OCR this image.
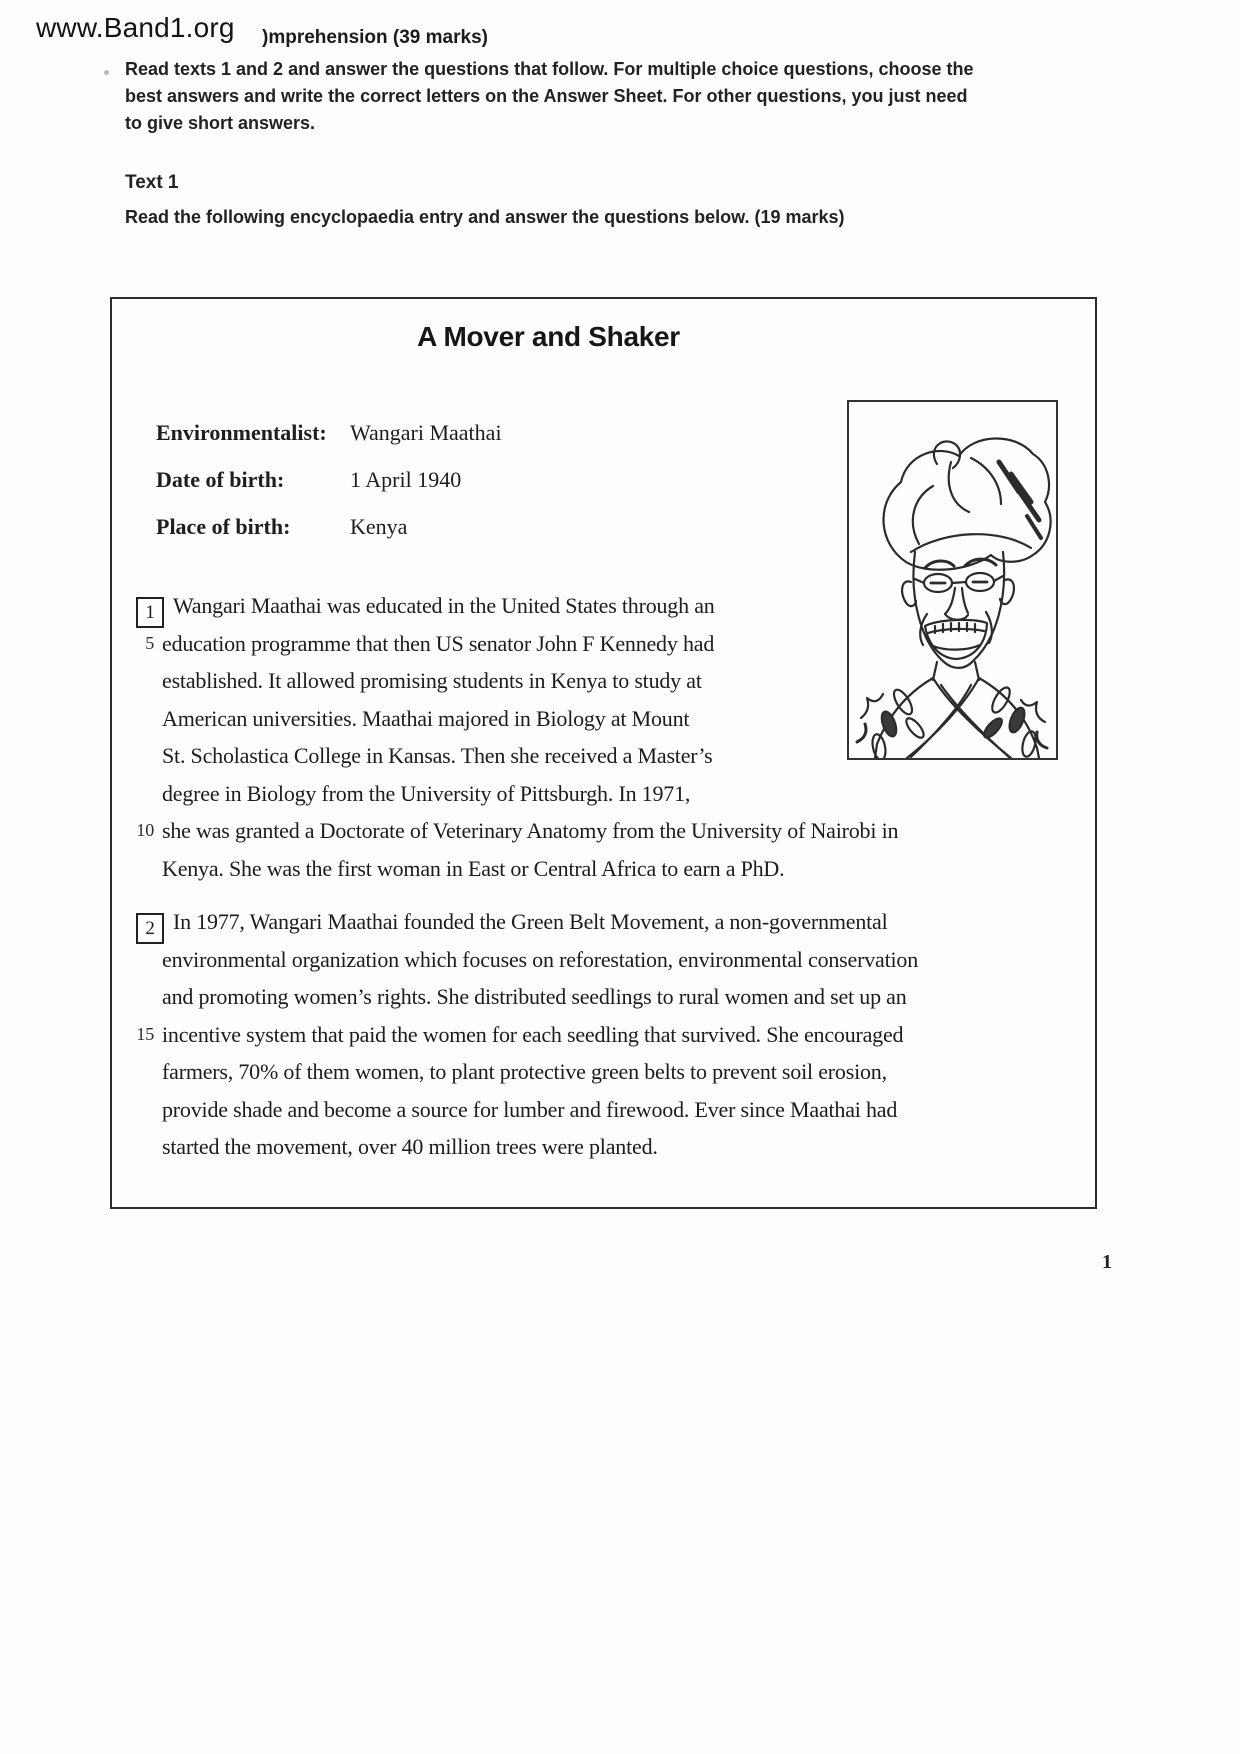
www.Band1.org )mprehension (39 marks)
Read texts 1 and 2 and answer the questions that follow. For multiple choice questions, choose the
best answers and write the correct letters on the Answer Sheet. For other questions, you just need
to give short answers.
Text 1
Read the following encyclopaedia entry and answer the questions below. (19 marks)
A Mover and Shaker
Environmentalist: Wangari Maathai
Date of birth:	1 April 1940
Place of birth:	Kenya
1 Wangari Maathai was educated in the United States through an
5 education programme that then US senator John F Kennedy had
established. It allowed promising students in Kenya to study at
American universities. Maathai majored in Biology at Mount
St. Scholastica College in Kansas. Then she received a Master’s
degree in Biology from the University of Pittsburgh. In 1971,
10 she was granted a Doctorate of Veterinary Anatomy from the University of Nairobi in
Kenya. She was the first woman in East or Central Africa to earn a PhD.
2 In 1977, Wangari Maathai founded the Green Belt Movement, a non-governmental
environmental organization which focuses on reforestation, environmental conservation
and promoting women’s rights. She distributed seedlings to rural women and set up an
15 incentive system that paid the women for each seedling that survived. She encouraged
farmers, 70% of them women, to plant protective green belts to prevent soil erosion,
provide shade and become a source for lumber and firewood. Ever since Maathai had
started the movement, over 40 million trees were planted.
1
